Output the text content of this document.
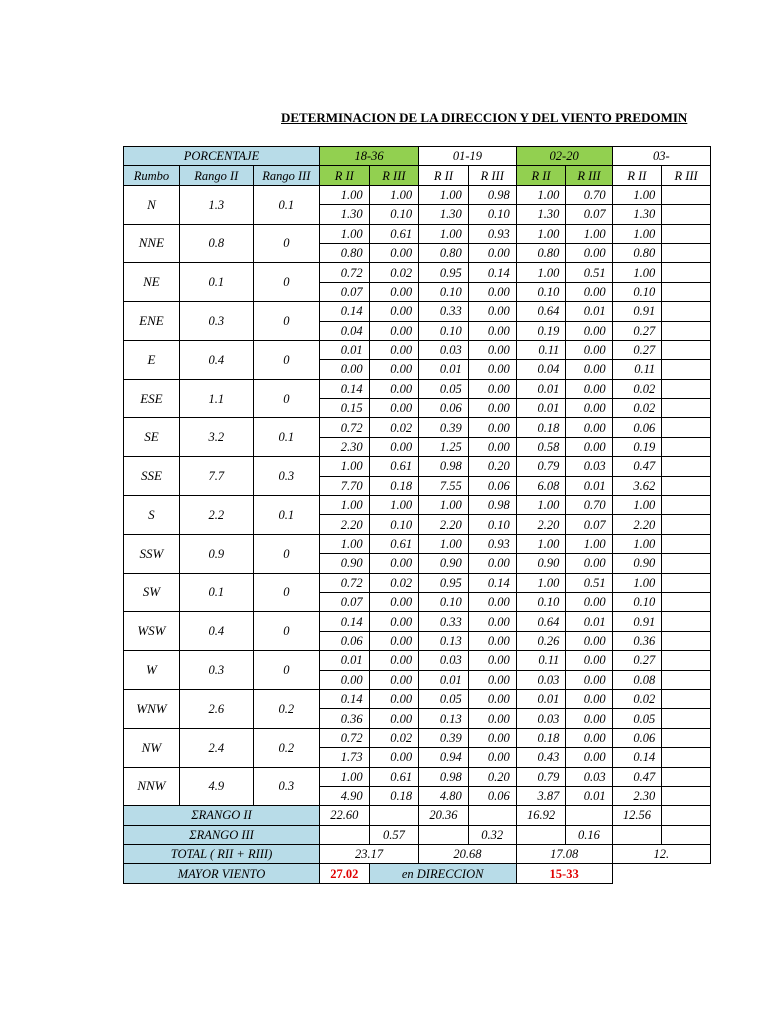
DETERMINACION DE LA DIRECCION Y DEL VIENTO PREDOMIN
PORCENTAJE			18-36		01-19		02-20		03-	
Rumbo	Rango II	Rango III	R II	R III	R II	R III	R II	R III	R II	R III
N	1.3	0.1	1.00	1.00	1.00	0.98	1.00	0.70	1.00	
			1.30	0.10	1.30	0.10	1.30	0.07	1.30	
NNE	0.8	0	1.00	0.61	1.00	0.93	1.00	1.00	1.00	
			0.80	0.00	0.80	0.00	0.80	0.00	0.80	
NE	0.1	0	0.72	0.02	0.95	0.14	1.00	0.51	1.00	
			0.07	0.00	0.10	0.00	0.10	0.00	0.10	
ENE	0.3	0	0.14	0.00	0.33	0.00	0.64	0.01	0.91	
			0.04	0.00	0.10	0.00	0.19	0.00	0.27	
E	0.4	0	0.01	0.00	0.03	0.00	0.11	0.00	0.27	
			0.00	0.00	0.01	0.00	0.04	0.00	0.11	
ESE	1.1	0	0.14	0.00	0.05	0.00	0.01	0.00	0.02	
			0.15	0.00	0.06	0.00	0.01	0.00	0.02	
SE	3.2	0.1	0.72	0.02	0.39	0.00	0.18	0.00	0.06	
			2.30	0.00	1.25	0.00	0.58	0.00	0.19	
SSE	7.7	0.3	1.00	0.61	0.98	0.20	0.79	0.03	0.47	
			7.70	0.18	7.55	0.06	6.08	0.01	3.62	
S	2.2	0.1	1.00	1.00	1.00	0.98	1.00	0.70	1.00	
			2.20	0.10	2.20	0.10	2.20	0.07	2.20	
SSW	0.9	0	1.00	0.61	1.00	0.93	1.00	1.00	1.00	
			0.90	0.00	0.90	0.00	0.90	0.00	0.90	
SW	0.1	0	0.72	0.02	0.95	0.14	1.00	0.51	1.00	
			0.07	0.00	0.10	0.00	0.10	0.00	0.10	
WSW	0.4	0	0.14	0.00	0.33	0.00	0.64	0.01	0.91	
			0.06	0.00	0.13	0.00	0.26	0.00	0.36	
W	0.3	0	0.01	0.00	0.03	0.00	0.11	0.00	0.27	
			0.00	0.00	0.01	0.00	0.03	0.00	0.08	
WNW	2.6	0.2	0.14	0.00	0.05	0.00	0.01	0.00	0.02	
			0.36	0.00	0.13	0.00	0.03	0.00	0.05	
NW	2.4	0.2	0.72	0.02	0.39	0.00	0.18	0.00	0.06	
			1.73	0.00	0.94	0.00	0.43	0.00	0.14	
NNW	4.9	0.3	1.00	0.61	0.98	0.20	0.79	0.03	0.47	
			4.90	0.18	4.80	0.06	3.87	0.01	2.30	
ΣRANGO II			22.60		20.36		16.92		12.56	
ΣRANGO III				0.57		0.32		0.16		
TOTAL ( RII + RIII)			23.17		20.68		17.08		12.	
MAYOR VIENTO			27.02	en DIRECCION			15-33			
